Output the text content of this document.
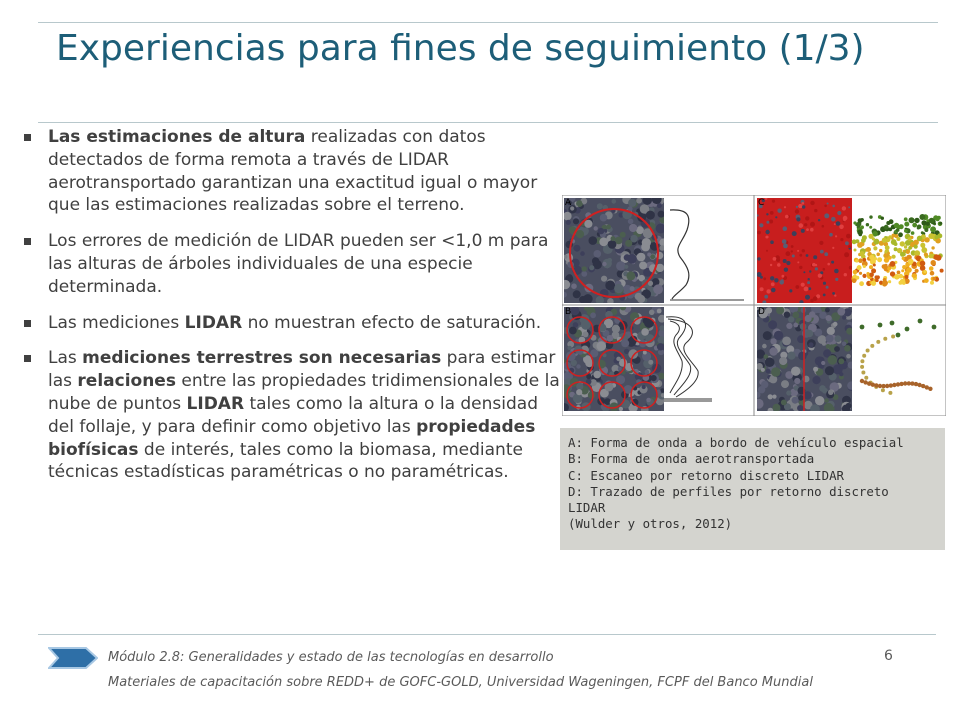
Experiencias para fines de seguimiento (1/3)
Las estimaciones de altura realizadas con datos detectados de forma remota a través de LIDAR aerotransportado garantizan una exactitud igual o mayor que las estimaciones realizadas sobre el terreno.
Los errores de medición de LIDAR pueden ser <1,0 m para las alturas de árboles individuales de una especie determinada.
Las mediciones LIDAR no muestran efecto de saturación.
Las mediciones terrestres son necesarias para estimar las relaciones entre las propiedades tridimensionales de la nube de puntos LIDAR tales como la altura o la densidad del follaje, y para definir como objetivo las propiedades biofísicas de interés, tales como la biomasa, mediante técnicas estadísticas paramétricas o no paramétricas.
A
B
C
D
A: Forma de onda a bordo de vehículo espacial
B: Forma de onda aerotransportada
C: Escaneo por retorno discreto LIDAR
D: Trazado de perfiles por retorno discreto
LIDAR
(Wulder y otros, 2012)
Módulo 2.8: Generalidades y estado de las tecnologías en desarrollo	6
Materiales de capacitación sobre REDD+ de GOFC-GOLD, Universidad Wageningen, FCPF del Banco Mundial
